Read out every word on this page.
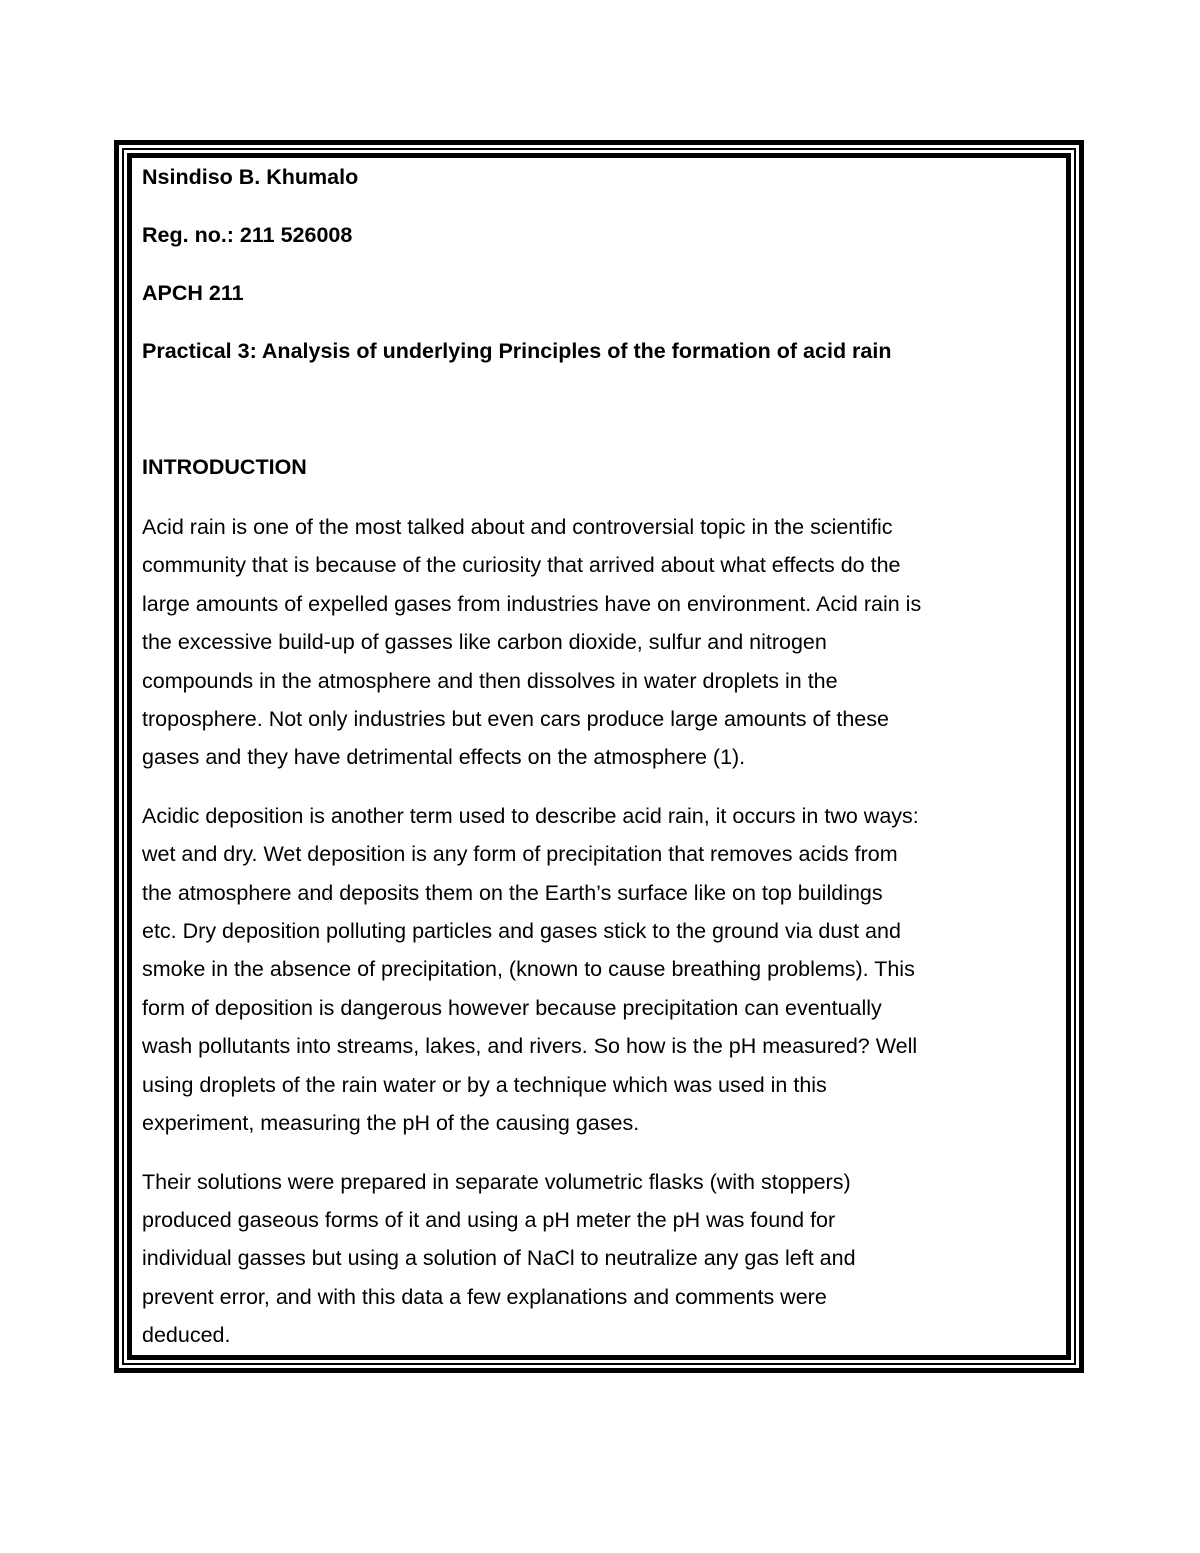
Nsindiso B. Khumalo
Reg. no.: 211 526008
APCH 211
Practical 3: Analysis of underlying Principles of the formation of acid rain
INTRODUCTION
Acid rain is one of the most talked about and controversial topic in the scientific
community that is because of the curiosity that arrived about what effects do the
large amounts of expelled gases from industries have on environment. Acid rain is
the excessive build-up of gasses like carbon dioxide, sulfur and nitrogen
compounds in the atmosphere and then dissolves in water droplets in the
troposphere. Not only industries but even cars produce large amounts of these
gases and they have detrimental effects on the atmosphere (1).
Acidic deposition is another term used to describe acid rain, it occurs in two ways:
wet and dry. Wet deposition is any form of precipitation that removes acids from
the atmosphere and deposits them on the Earth’s surface like on top buildings
etc. Dry deposition polluting particles and gases stick to the ground via dust and
smoke in the absence of precipitation, (known to cause breathing problems). This
form of deposition is dangerous however because precipitation can eventually
wash pollutants into streams, lakes, and rivers. So how is the pH measured? Well
using droplets of the rain water or by a technique which was used in this
experiment, measuring the pH of the causing gases.
Their solutions were prepared in separate volumetric flasks (with stoppers)
produced gaseous forms of it and using a pH meter the pH was found for
individual gasses but using a solution of NaCl to neutralize any gas left and
prevent error, and with this data a few explanations and comments were
deduced.
